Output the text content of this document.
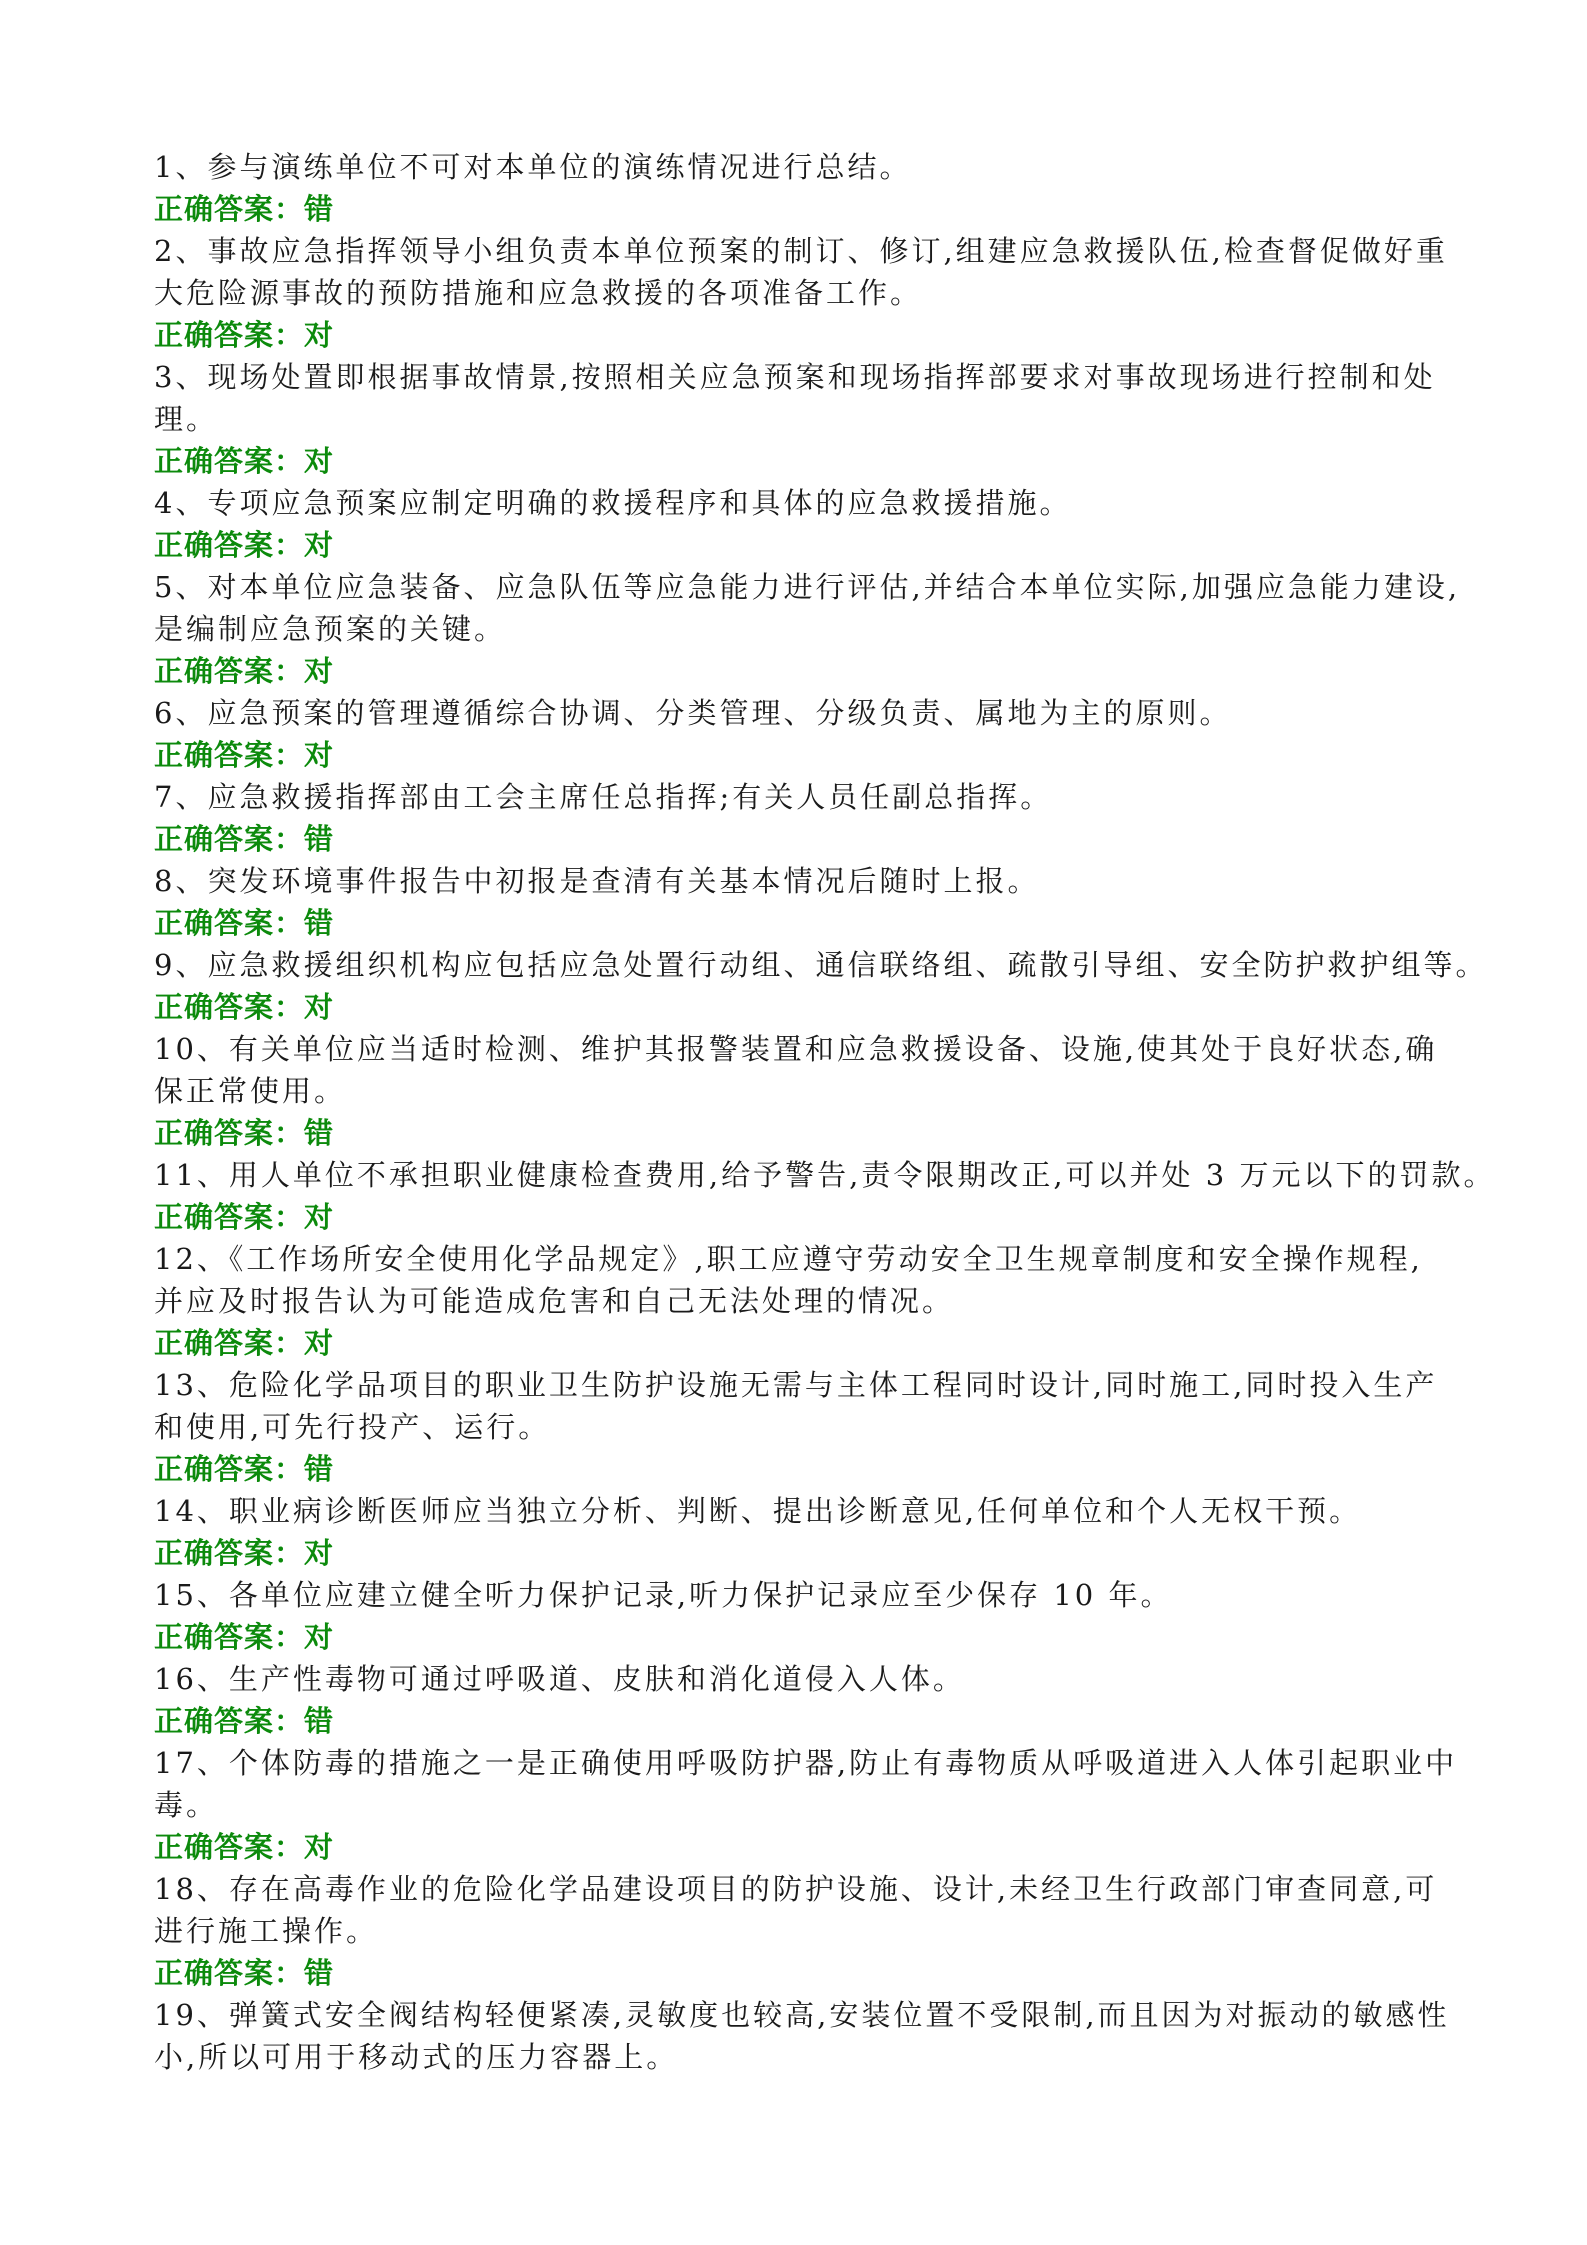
1、参与演练单位不可对本单位的演练情况进行总结。
正确答案：错
2、事故应急指挥领导小组负责本单位预案的制订、修订,组建应急救援队伍,检查督促做好重
大危险源事故的预防措施和应急救援的各项准备工作。
正确答案：对
3、现场处置即根据事故情景,按照相关应急预案和现场指挥部要求对事故现场进行控制和处
理。
正确答案：对
4、专项应急预案应制定明确的救援程序和具体的应急救援措施。
正确答案：对
5、对本单位应急装备、应急队伍等应急能力进行评估,并结合本单位实际,加强应急能力建设,
是编制应急预案的关键。
正确答案：对
6、应急预案的管理遵循综合协调、分类管理、分级负责、属地为主的原则。
正确答案：对
7、应急救援指挥部由工会主席任总指挥;有关人员任副总指挥。
正确答案：错
8、突发环境事件报告中初报是查清有关基本情况后随时上报。
正确答案：错
9、应急救援组织机构应包括应急处置行动组、通信联络组、疏散引导组、安全防护救护组等。
正确答案：对
10、有关单位应当适时检测、维护其报警装置和应急救援设备、设施,使其处于良好状态,确
保正常使用。
正确答案：错
11、用人单位不承担职业健康检查费用,给予警告,责令限期改正,可以并处 3 万元以下的罚款。
正确答案：对
12、《工作场所安全使用化学品规定》,职工应遵守劳动安全卫生规章制度和安全操作规程,
并应及时报告认为可能造成危害和自己无法处理的情况。
正确答案：对
13、危险化学品项目的职业卫生防护设施无需与主体工程同时设计,同时施工,同时投入生产
和使用,可先行投产、运行。
正确答案：错
14、职业病诊断医师应当独立分析、判断、提出诊断意见,任何单位和个人无权干预。
正确答案：对
15、各单位应建立健全听力保护记录,听力保护记录应至少保存 10 年。
正确答案：对
16、生产性毒物可通过呼吸道、皮肤和消化道侵入人体。
正确答案：错
17、个体防毒的措施之一是正确使用呼吸防护器,防止有毒物质从呼吸道进入人体引起职业中
毒。
正确答案：对
18、存在高毒作业的危险化学品建设项目的防护设施、设计,未经卫生行政部门审查同意,可
进行施工操作。
正确答案：错
19、弹簧式安全阀结构轻便紧凑,灵敏度也较高,安装位置不受限制,而且因为对振动的敏感性
小,所以可用于移动式的压力容器上。
